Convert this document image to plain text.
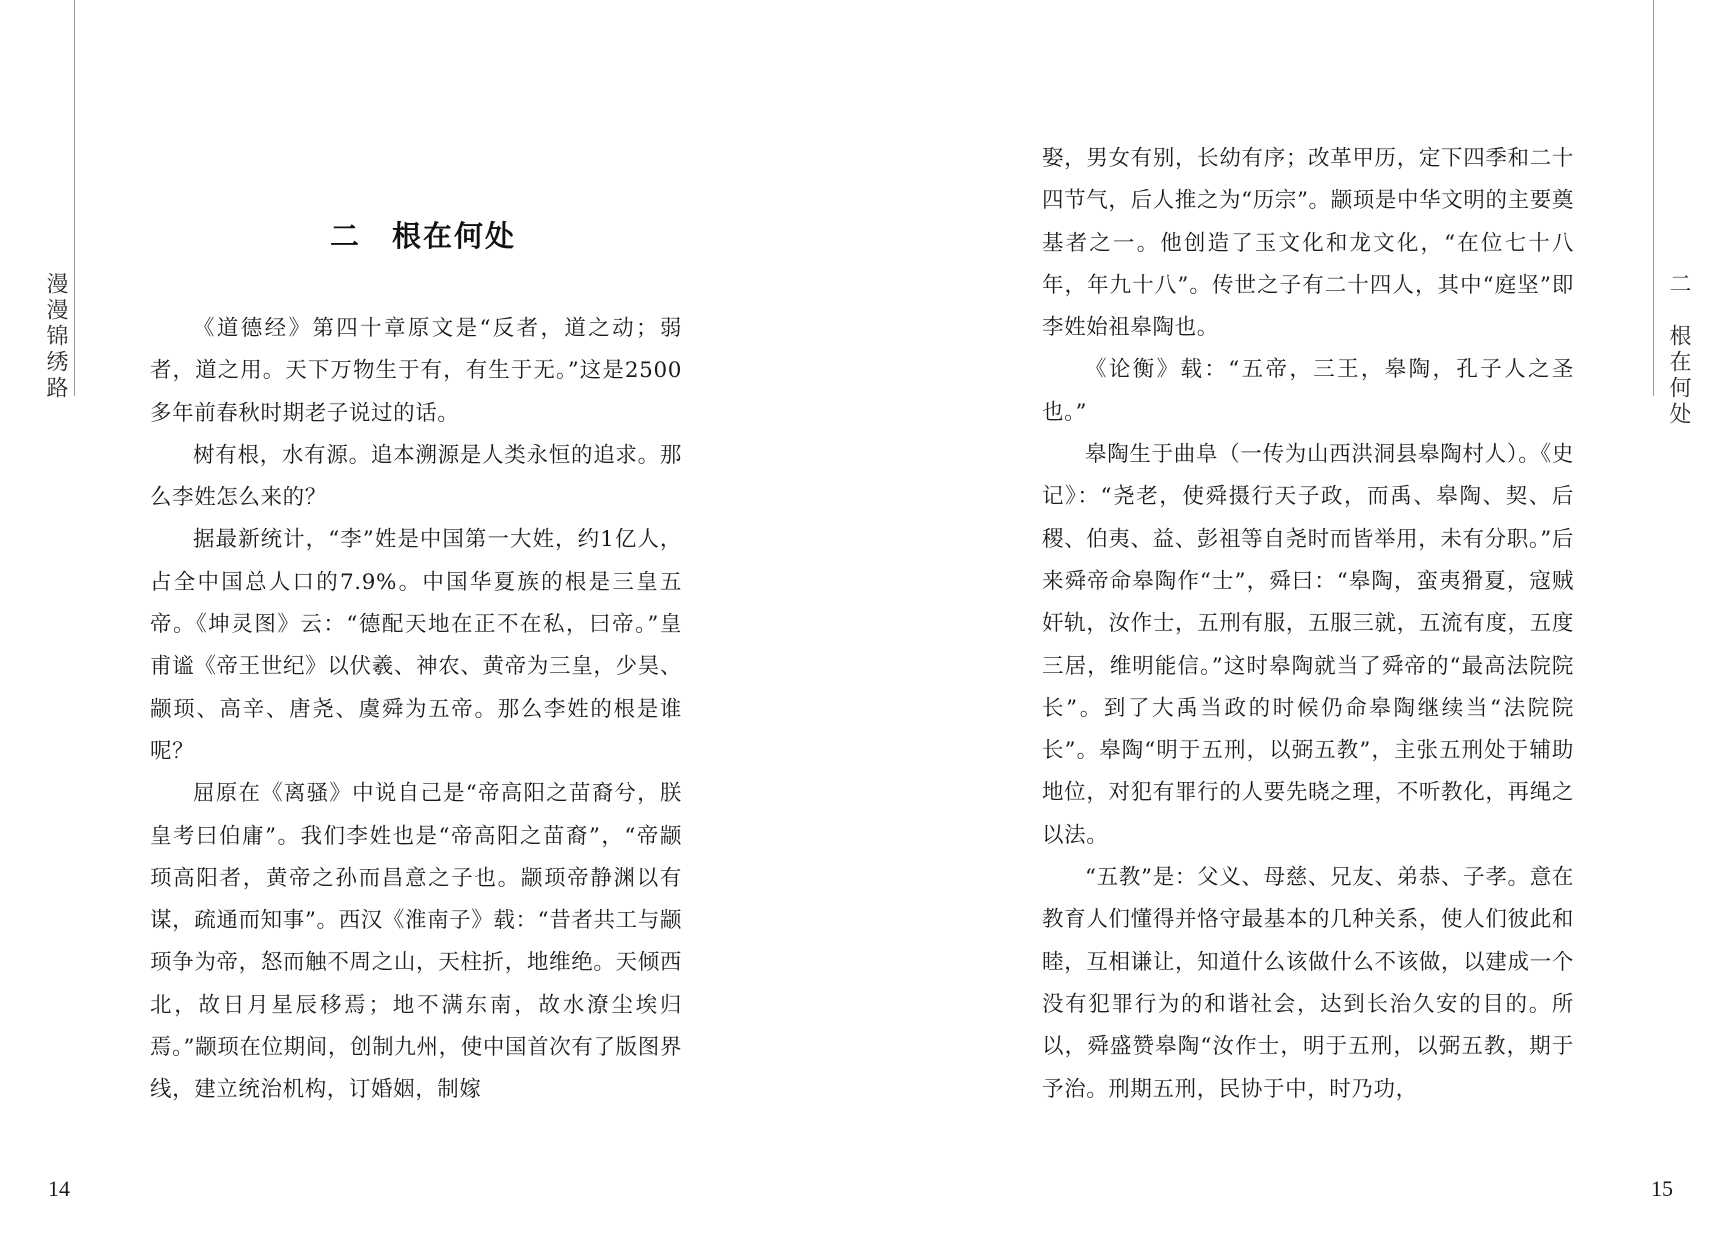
漫漫锦绣路
二　根在何处

《道德经》第四十章原文是“反者，道之动；弱者，道之用。天下万物生于有，有生于无。”这是2500多年前春秋时期老子说过的话。

树有根，水有源。追本溯源是人类永恒的追求。那么李姓怎么来的？

据最新统计，“李”姓是中国第一大姓，约1亿人，占全中国总人口的7.9%。中国华夏族的根是三皇五帝。《坤灵图》云：“德配天地在正不在私，曰帝。”皇甫谧《帝王世纪》以伏羲、神农、黄帝为三皇，少昊、颛顼、高辛、唐尧、虞舜为五帝。那么李姓的根是谁呢？

屈原在《离骚》中说自己是“帝高阳之苗裔兮，朕皇考曰伯庸”。我们李姓也是“帝高阳之苗裔”，“帝颛顼高阳者，黄帝之孙而昌意之子也。颛顼帝静渊以有谋，疏通而知事”。西汉《淮南子》载：“昔者共工与颛顼争为帝，怒而触不周之山，天柱折，地维绝。天倾西北，故日月星辰移焉；地不满东南，故水潦尘埃归焉。”颛顼在位期间，创制九州，使中国首次有了版图界线，建立统治机构，订婚姻，制嫁

14
二　根在何处

娶，男女有别，长幼有序；改革甲历，定下四季和二十四节气，后人推之为“历宗”。颛顼是中华文明的主要奠基者之一。他创造了玉文化和龙文化，“在位七十八年，年九十八”。传世之子有二十四人，其中“庭坚”即李姓始祖皋陶也。

《论衡》载：“五帝，三王，皋陶，孔子人之圣也。”

皋陶生于曲阜（一传为山西洪洞县皋陶村人）。《史记》：“尧老，使舜摄行天子政，而禹、皋陶、契、后稷、伯夷、益、彭祖等自尧时而皆举用，未有分职。”后来舜帝命皋陶作“士”，舜曰：“皋陶，蛮夷猾夏，寇贼奸轨，汝作士，五刑有服，五服三就，五流有度，五度三居，维明能信。”这时皋陶就当了舜帝的“最高法院院长”。到了大禹当政的时候仍命皋陶继续当“法院院长”。皋陶“明于五刑，以弼五教”，主张五刑处于辅助地位，对犯有罪行的人要先晓之理，不听教化，再绳之以法。

“五教”是：父义、母慈、兄友、弟恭、子孝。意在教育人们懂得并恪守最基本的几种关系，使人们彼此和睦，互相谦让，知道什么该做什么不该做，以建成一个没有犯罪行为的和谐社会，达到长治久安的目的。所以，舜盛赞皋陶“汝作士，明于五刑，以弼五教，期于予治。刑期五刑，民协于中，时乃功，

15
